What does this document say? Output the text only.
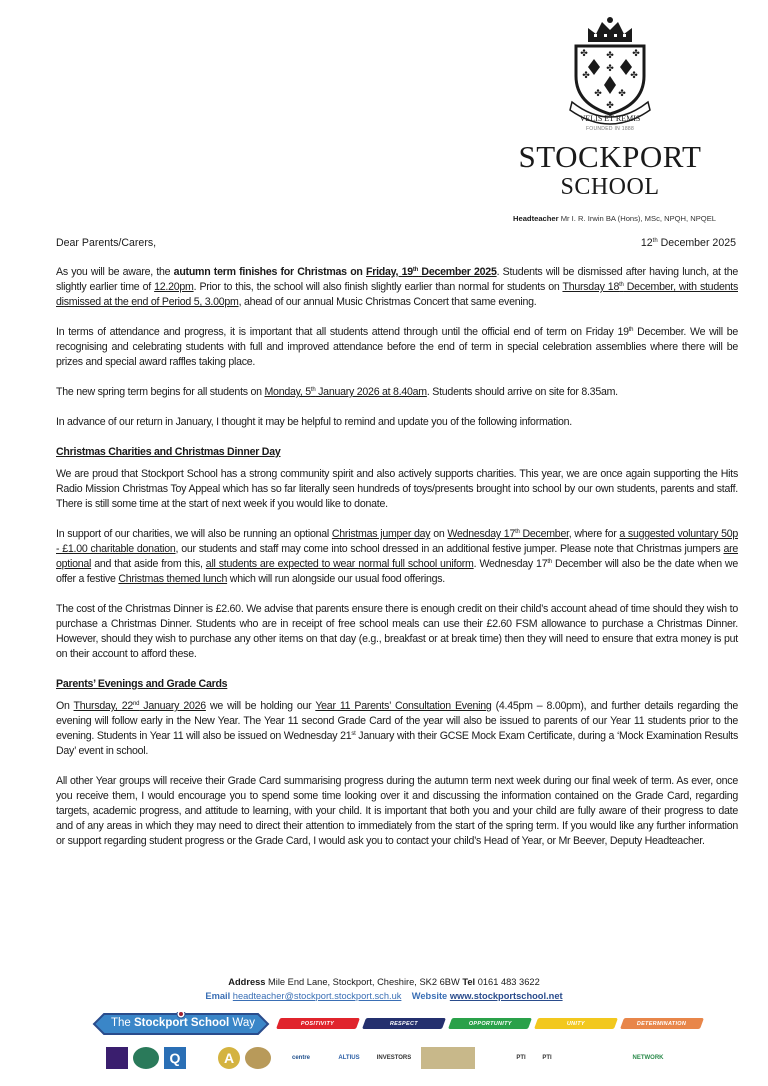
✤ ✤ ✤
✤
✤	✤
✤ ✤
✤
VELIS ET REMIS
FOUNDED IN 1888
STOCKPORT
SCHOOL
Headteacher Mr I. R. Irwin BA (Hons), MSc, NPQH, NPQEL
Dear Parents/Carers,	12th December 2025

As you will be aware, the autumn term finishes for Christmas on Friday, 19th December 2025. Students will be dismissed after having lunch, at the slightly earlier time of 12.20pm. Prior to this, the school will also finish slightly earlier than normal for students on Thursday 18th December, with students dismissed at the end of Period 5, 3.00pm, ahead of our annual Music Christmas Concert that same evening.

In terms of attendance and progress, it is important that all students attend through until the official end of term on Friday 19th December. We will be recognising and celebrating students with full and improved attendance before the end of term in special celebration assemblies where there will be prizes and special award raffles taking place.

The new spring term begins for all students on Monday, 5th January 2026 at 8.40am. Students should arrive on site for 8.35am.

In advance of our return in January, I thought it may be helpful to remind and update you of the following information.

Christmas Charities and Christmas Dinner Day

We are proud that Stockport School has a strong community spirit and also actively supports charities. This year, we are once again supporting the Hits Radio Mission Christmas Toy Appeal which has so far literally seen hundreds of toys/presents brought into school by our own students, parents and staff. There is still some time at the start of next week if you would like to donate.

In support of our charities, we will also be running an optional Christmas jumper day on Wednesday 17th December, where for a suggested voluntary 50p - £1.00 charitable donation, our students and staff may come into school dressed in an additional festive jumper. Please note that Christmas jumpers are optional and that aside from this, all students are expected to wear normal full school uniform. Wednesday 17th December will also be the date when we offer a festive Christmas themed lunch which will run alongside our usual food offerings.

The cost of the Christmas Dinner is £2.60. We advise that parents ensure there is enough credit on their child’s account ahead of time should they wish to purchase a Christmas Dinner. Students who are in receipt of free school meals can use their £2.60 FSM allowance to purchase a Christmas Dinner. However, should they wish to purchase any other items on that day (e.g., breakfast or at break time) then they will need to ensure that extra money is put on their account to afford these.

Parents’ Evenings and Grade Cards

On Thursday, 22nd January 2026 we will be holding our Year 11 Parents’ Consultation Evening (4.45pm – 8.00pm), and further details regarding the evening will follow early in the New Year. The Year 11 second Grade Card of the year will also be issued to parents of our Year 11 students prior to the evening. Students in Year 11 will also be issued on Wednesday 21st January with their GCSE Mock Exam Certificate, during a ‘Mock Examination Results Day’ event in school.

All other Year groups will receive their Grade Card summarising progress during the autumn term next week during our final week of term. As ever, once you receive them, I would encourage you to spend some time looking over it and discussing the information contained on the Grade Card, regarding targets, academic progress, and attitude to learning, with your child. It is important that both you and your child are fully aware of their progress to date and of any areas in which they may need to direct their attention to immediately from the start of the spring term. If you would like any further information or support regarding student progress or the Grade Card, I would ask you to contact your child’s Head of Year, or Mr Beever, Deputy Headteacher.

Address Mile End Lane, Stockport, Cheshire, SK2 6BW Tel 0161 483 3622
Email headteacher@stockport.stockport.sch.uk Website www.stockportschool.net
The Stockport School Way	POSITIVITY	RESPECT	OPPORTUNITY	UNITY	DETERMINATION
Q	A	centre	ALTIUS	INVESTORS	PTI	PTI	NETWORK
